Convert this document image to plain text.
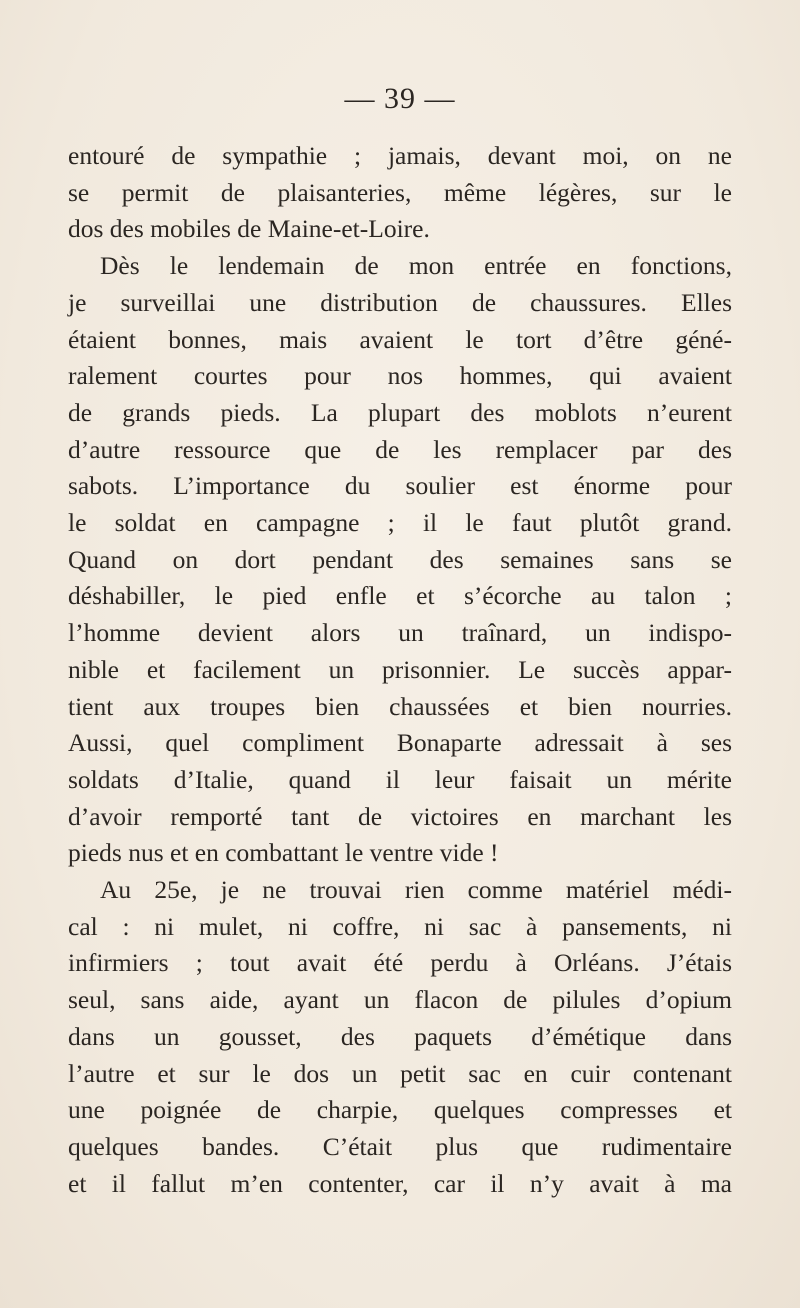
— 39 —
entouré de sympathie ; jamais, devant moi, on ne
se permit de plaisanteries, même légères, sur le
dos des mobiles de Maine-et-Loire.
Dès le lendemain de mon entrée en fonctions,
je surveillai une distribution de chaussures. Elles
étaient bonnes, mais avaient le tort d’être géné-
ralement courtes pour nos hommes, qui avaient
de grands pieds. La plupart des moblots n’eurent
d’autre ressource que de les remplacer par des
sabots. L’importance du soulier est énorme pour
le soldat en campagne ; il le faut plutôt grand.
Quand on dort pendant des semaines sans se
déshabiller, le pied enfle et s’écorche au talon ;
l’homme devient alors un traînard, un indispo-
nible et facilement un prisonnier. Le succès appar-
tient aux troupes bien chaussées et bien nourries.
Aussi, quel compliment Bonaparte adressait à ses
soldats d’Italie, quand il leur faisait un mérite
d’avoir remporté tant de victoires en marchant les
pieds nus et en combattant le ventre vide !
Au 25e, je ne trouvai rien comme matériel médi-
cal : ni mulet, ni coffre, ni sac à pansements, ni
infirmiers ; tout avait été perdu à Orléans. J’étais
seul, sans aide, ayant un flacon de pilules d’opium
dans un gousset, des paquets d’émétique dans
l’autre et sur le dos un petit sac en cuir contenant
une poignée de charpie, quelques compresses et
quelques bandes. C’était plus que rudimentaire
et il fallut m’en contenter, car il n’y avait à ma
